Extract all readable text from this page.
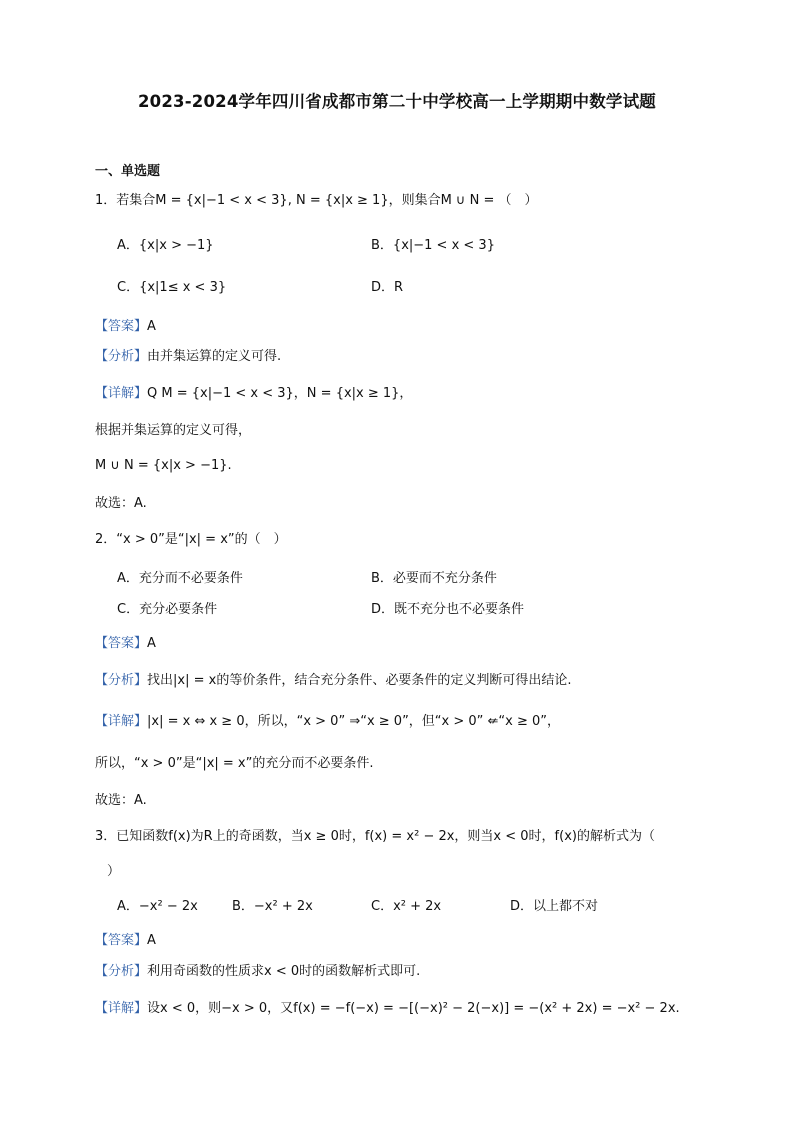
2023-2024学年四川省成都市第二十中学校高一上学期期中数学试题
一、单选题
1．若集合M = {x|−1 < x < 3}, N = {x|x ≥ 1}，则集合M ∪ N = （　）
A．{x|x > −1}	B．{x|−1 < x < 3}
C．{x|1≤ x < 3}	D．R
【答案】A
【分析】由并集运算的定义可得.
【详解】Q M = {x|−1 < x < 3}，N = {x|x ≥ 1}，
根据并集运算的定义可得，
M ∪ N = {x|x > −1}.
故选：A.
2．“x > 0”是“|x| = x”的（　）
A．充分而不必要条件	B．必要而不充分条件
C．充分必要条件	D．既不充分也不必要条件
【答案】A
【分析】找出|x| = x的等价条件，结合充分条件、必要条件的定义判断可得出结论.
【详解】|x| = x ⇔ x ≥ 0，所以，“x > 0” ⇒“x ≥ 0”，但“x > 0” ⇍“x ≥ 0”，
所以，“x > 0”是“|x| = x”的充分而不必要条件.
故选：A.
3．已知函数f(x)为R上的奇函数，当x ≥ 0时，f(x) = x² − 2x，则当x < 0时，f(x)的解析式为（
）
A．−x² − 2x	B．−x² + 2x	C．x² + 2x	D．以上都不对
【答案】A
【分析】利用奇函数的性质求x < 0时的函数解析式即可.
【详解】设x < 0，则−x > 0，又f(x) = −f(−x) = −[(−x)² − 2(−x)] = −(x² + 2x) = −x² − 2x.
